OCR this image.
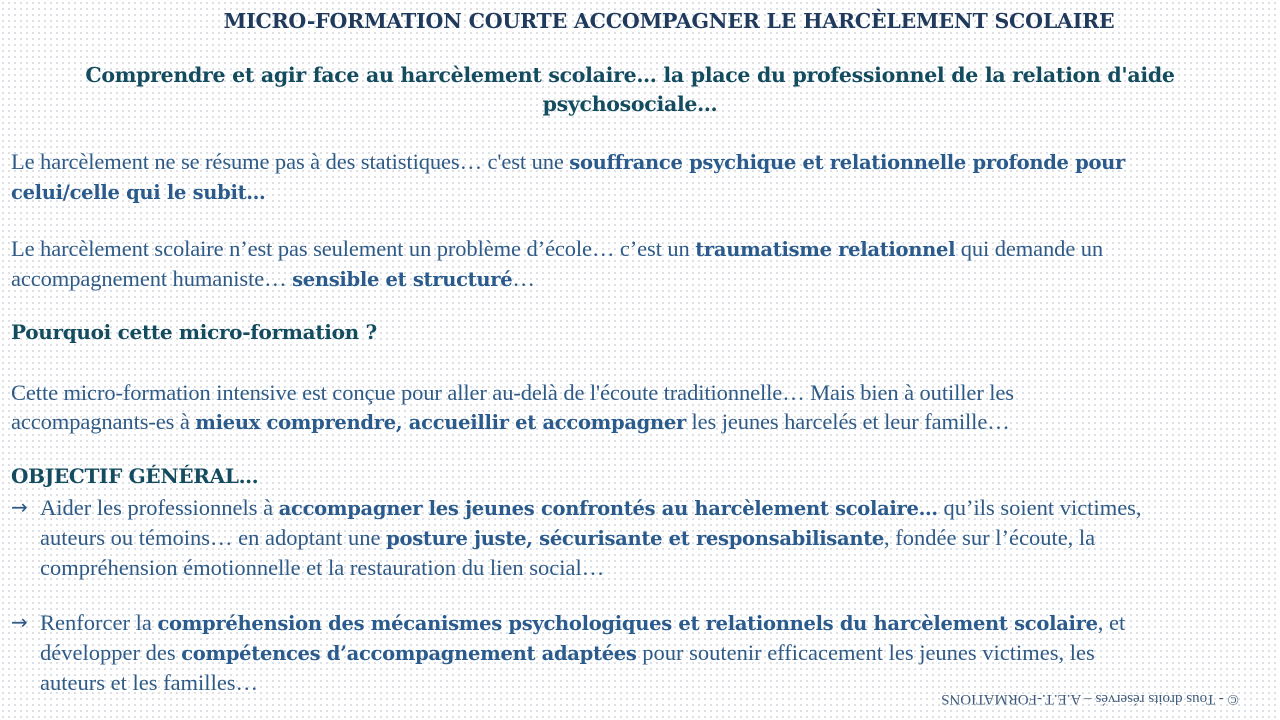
MICRO-FORMATION COURTE ACCOMPAGNER LE HARCÈLEMENT SCOLAIRE
Comprendre et agir face au harcèlement scolaire… la place du professionnel de la relation d'aide
psychosociale…
Le harcèlement ne se résume pas à des statistiques… c'est une souffrance psychique et relationnelle profonde pour
celui/celle qui le subit…
Le harcèlement scolaire n’est pas seulement un problème d’école… c’est un traumatisme relationnel qui demande un
accompagnement humaniste… sensible et structuré…
Pourquoi cette micro-formation ?
Cette micro-formation intensive est conçue pour aller au-delà de l'écoute traditionnelle… Mais bien à outiller les
accompagnants-es à mieux comprendre, accueillir et accompagner les jeunes harcelés et leur famille…
OBJECTIF GÉNÉRAL…
→ Aider les professionnels à accompagner les jeunes confrontés au harcèlement scolaire… qu’ils soient victimes,
auteurs ou témoins… en adoptant une posture juste, sécurisante et responsabilisante, fondée sur l’écoute, la
compréhension émotionnelle et la restauration du lien social…
→ Renforcer la compréhension des mécanismes psychologiques et relationnels du harcèlement scolaire, et
développer des compétences d’accompagnement adaptées pour soutenir efficacement les jeunes victimes, les
auteurs et les familles…
© - Tous droits réservés – A.E.T.-FORMATIONS
